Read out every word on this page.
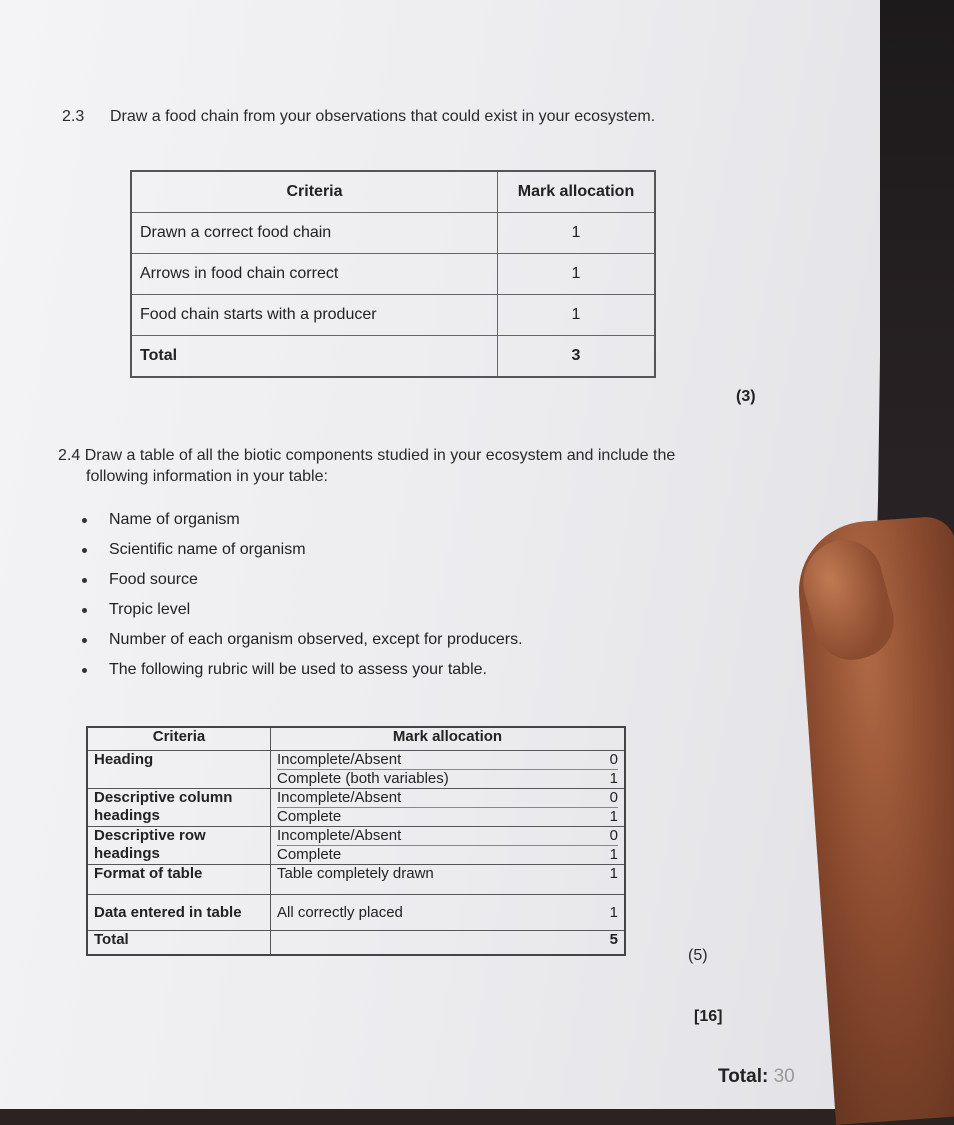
2.3 Draw a food chain from your observations that could exist in your ecosystem.
Criteria	Mark allocation
Drawn a correct food chain	1
Arrows in food chain correct	1
Food chain starts with a producer	1
Total	3
(3)
2.4 Draw a table of all the biotic components studied in your ecosystem and include the
following information in your table:
Name of organism
Scientific name of organism
Food source
Tropic level
Number of each organism observed, except for producers.
The following rubric will be used to assess your table.
Criteria	Mark allocation
Heading	Incomplete/Absent 0
Complete (both variables) 1

Descriptive column headings	Incomplete/Absent 0
Complete 1

Descriptive row headings	Incomplete/Absent 0
Complete 1

Format of table	Table completely drawn 1

Data entered in table	All correctly placed 1

Total	5
(5)
[16]
Total: 30
